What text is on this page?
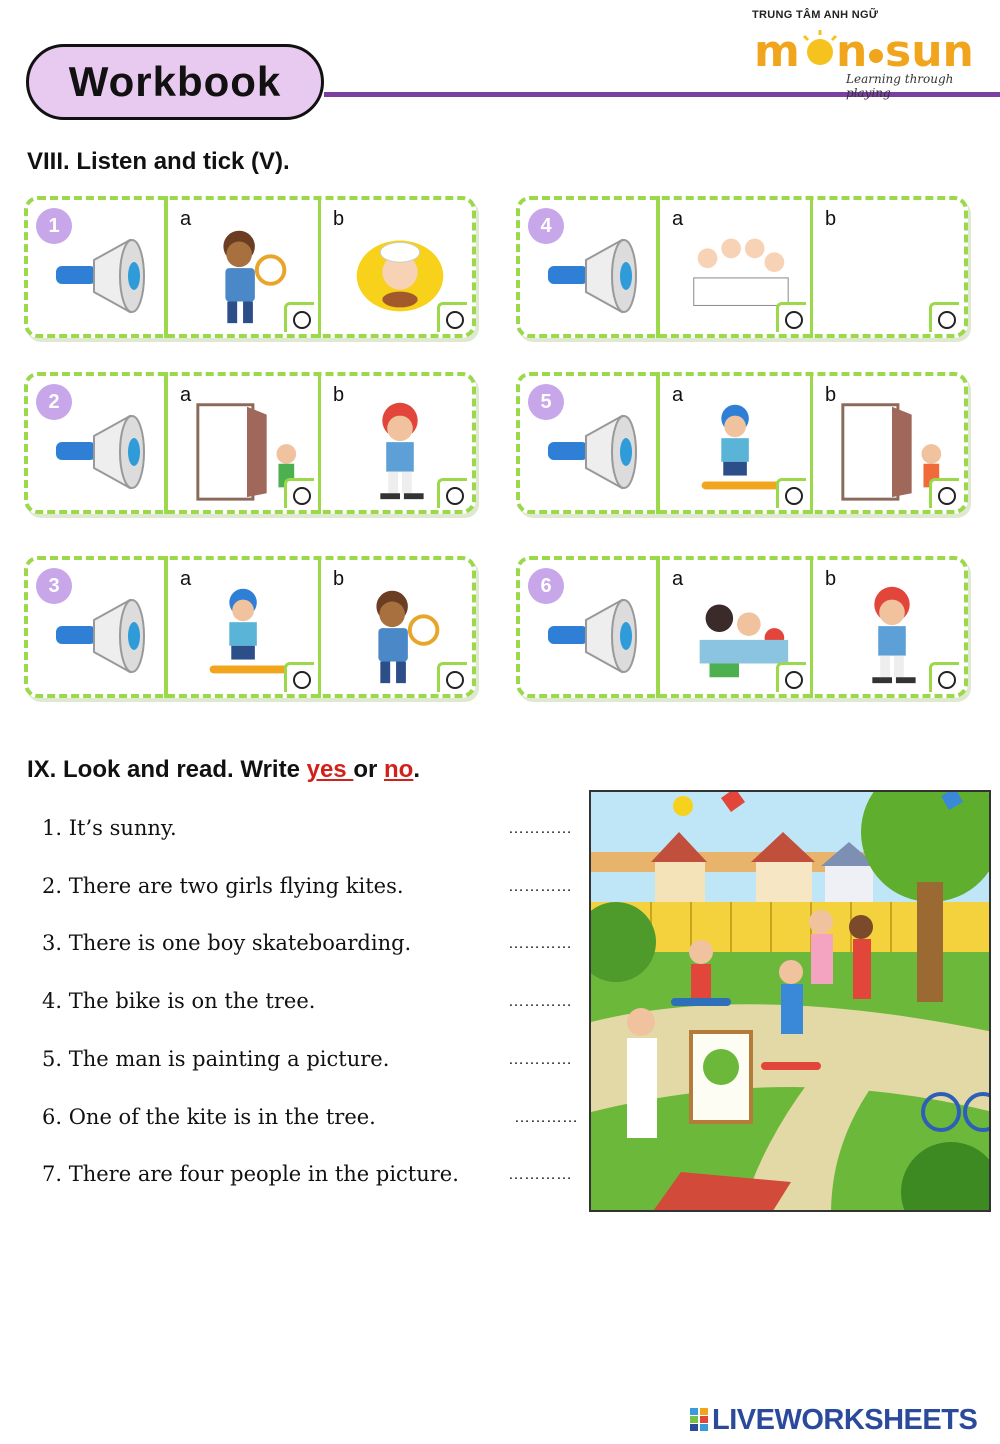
Workbook
TRUNG TÂM ANH NGỮ
m n sun
Learning through playing
VIII. Listen and tick (V).
1	a	b	4	a	b
2	a	b	5	a	b
3	a	b	6	a	b
IX. Look and read. Write yes or no.
1. It’s sunny.	…………
2. There are two girls flying kites.	…………
3. There is one boy skateboarding.	…………
4. The bike is on the tree.	…………
5. The man is painting a picture.	…………
6. One of the kite is in the tree.	…………
7. There are four people in the picture.	…………
LIVEWORKSHEETS
